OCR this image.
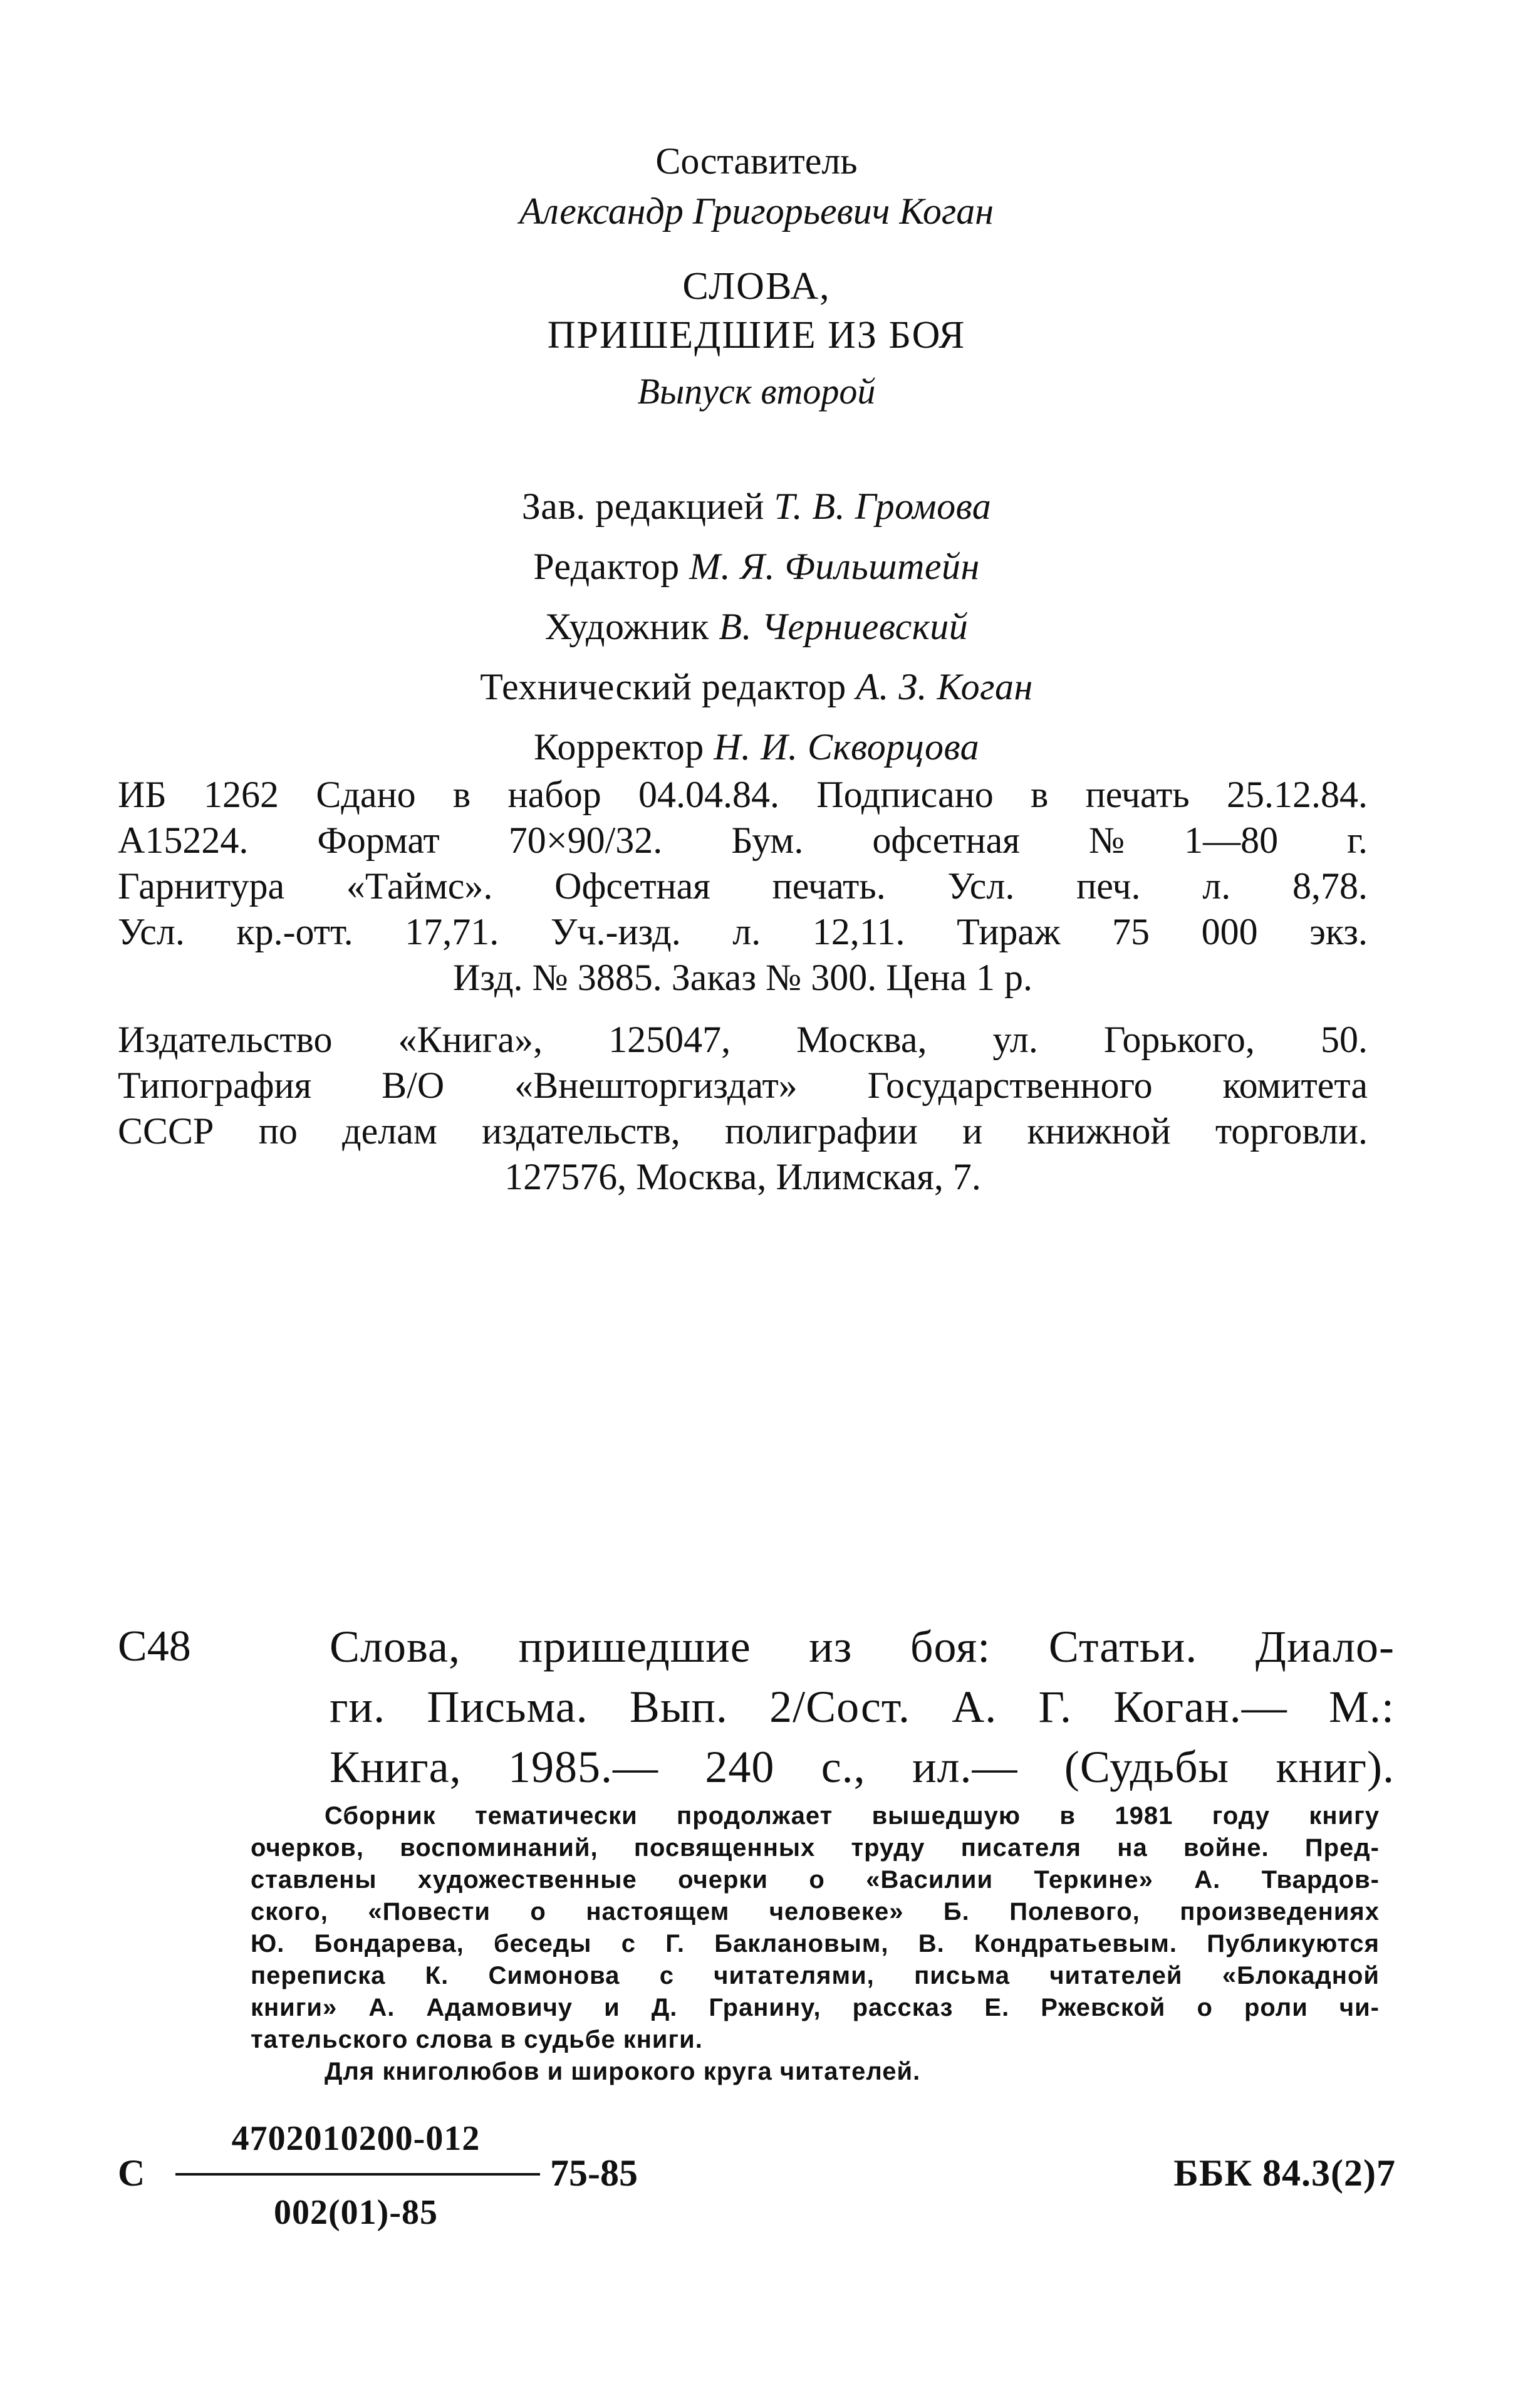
Составитель
Александр Григорьевич Коган
СЛОВА,
ПРИШЕДШИЕ ИЗ БОЯ
Выпуск второй
Зав. редакцией Т. В. Громова
Редактор М. Я. Фильштейн
Художник В. Черниевский
Технический редактор А. З. Коган
Корректор Н. И. Скворцова
ИБ 1262 Сдано в набор 04.04.84. Подписано в печать 25.12.84.
А15224. Формат 70×90/32. Бум. офсетная №1—80 г.
Гарнитура «Таймс». Офсетная печать. Усл. печ. л. 8,78.
Усл. кр.-отт. 17,71. Уч.-изд. л. 12,11. Тираж 75 000 экз.
Изд. № 3885. Заказ № 300. Цена 1 р.
Издательство «Книга», 125047, Москва, ул. Горького, 50.
Типография В/О «Внешторгиздат» Государственного комитета
СССР по делам издательств, полиграфии и книжной торговли.
127576, Москва, Илимская, 7.
С48	Слова, пришедшие из боя: Статьи. Диало-
ги. Письма. Вып. 2/Сост. А. Г. Коган.— М.:
Книга, 1985.— 240 с., ил.— (Судьбы книг).
Сборник тематически продолжает вышедшую в 1981 году книгу
очерков, воспоминаний, посвященных труду писателя на войне. Пред-
ставлены художественные очерки о «Василии Теркине» А. Твардов-
ского, «Повести о настоящем человеке» Б. Полевого, произведениях
Ю. Бондарева, беседы с Г. Баклановым, В. Кондратьевым. Публикуются
переписка К. Симонова с читателями, письма читателей «Блокадной
книги» А. Адамовичу и Д. Гранину, рассказ Е. Ржевской о роли чи-
тательского слова в судьбе книги.
Для книголюбов и широкого круга читателей.
С
4702010200-012
002(01)-85
75-85	ББК 84.3(2)7
